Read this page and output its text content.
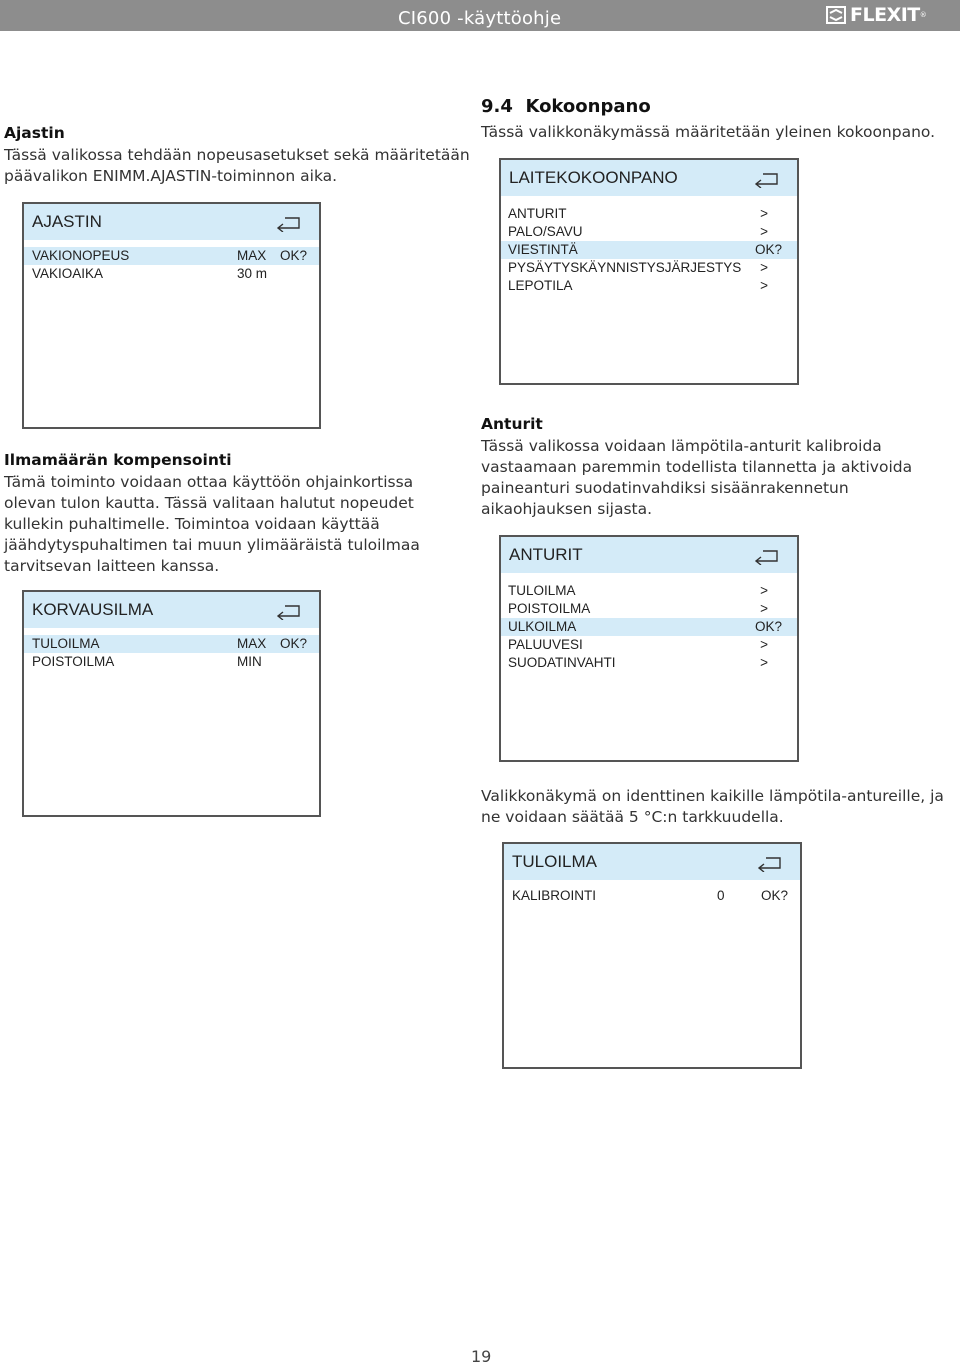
CI600 -käyttöohje	FLEXIT ®
Ajastin
Tässä valikossa tehdään nopeusasetukset sekä määritetään
päävalikon ENIMM.AJASTIN-toiminnon aika.
AJASTIN
VAKIONOPEUS	MAX OK?
VAKIOAIKA	30 m
Ilmamäärän kompensointi
Tämä toiminto voidaan ottaa käyttöön ohjainkortissa
olevan tulon kautta. Tässä valitaan halutut nopeudet
kullekin puhaltimelle. Toimintoa voidaan käyttää
jäähdytyspuhaltimen tai muun ylimääräistä tuloilmaa
tarvitsevan laitteen kanssa.
KORVAUSILMA
TULOILMA	MAX OK?
POISTOILMA	MIN
9.4 Kokoonpano
Tässä valikkonäkymässä määritetään yleinen kokoonpano.
LAITEKOKOONPANO
ANTURIT	>
PALO/SAVU	>
VIESTINTÄ	OK?
PYSÄYTYSKÄYNNISTYSJÄRJESTYS >
LEPOTILA	>
Anturit
Tässä valikossa voidaan lämpötila-anturit kalibroida
vastaamaan paremmin todellista tilannetta ja aktivoida
paineanturi suodatinvahdiksi sisäänrakennetun
aikaohjauksen sijasta.
ANTURIT
TULOILMA	>
POISTOILMA	>
ULKOILMA	OK?
PALUUVESI	>
SUODATINVAHTI	>
Valikkonäkymä on identtinen kaikille lämpötila-antureille, ja
ne voidaan säätää 5 °C:n tarkkuudella.
TULOILMA
KALIBROINTI	0	OK?
19
